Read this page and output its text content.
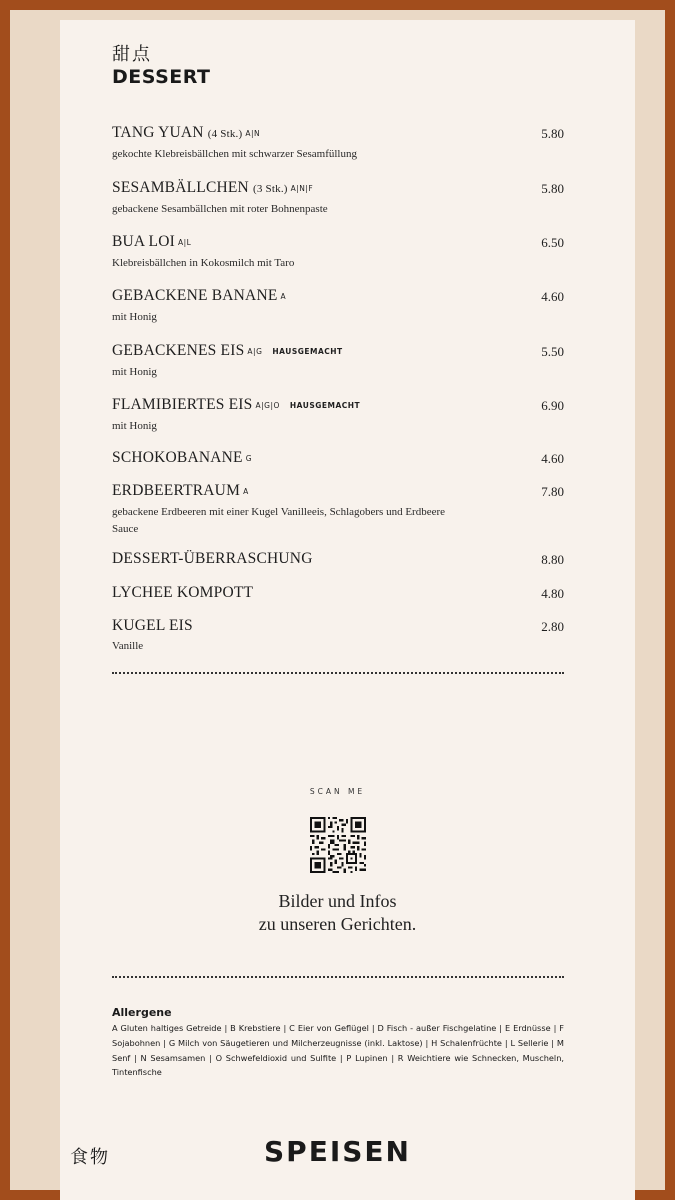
甜点
DESSERT
TANG YUAN (4 Stk.) A|N	5.80
gekochte Klebreisbällchen mit schwarzer Sesamfüllung
SESAMBÄLLCHEN (3 Stk.) A|N|F	5.80
gebackene Sesambällchen mit roter Bohnenpaste
BUA LOI A|L	6.50
Klebreisbällchen in Kokosmilch mit Taro
GEBACKENE BANANE A	4.60
mit Honig
GEBACKENES EIS A|G HAUSGEMACHT	5.50
mit Honig
FLAMIBIERTES EIS A|G|O HAUSGEMACHT	6.90
mit Honig
SCHOKOBANANE G	4.60
ERDBEERTRAUM A	7.80
gebackene Erdbeeren mit einer Kugel Vanilleeis, Schlagobers und Erdbeere Sauce
DESSERT-ÜBERRASCHUNG	8.80
LYCHEE KOMPOTT	4.80
KUGEL EIS	2.80
Vanille
SCAN ME
Bilder und Infos
zu unseren Gerichten.
Allergene
A Gluten haltiges Getreide | B Krebstiere | C Eier von Geflügel | D Fisch - außer Fischgelatine | E Erdnüsse | F Sojabohnen | G Milch von Säugetieren und Milcherzeugnisse (inkl. Laktose) | H Schalenfrüchte | L Sellerie | M Senf | N Sesamsamen | O Schwefeldioxid und Sulfite | P Lupinen | R Weichtiere wie Schnecken, Muscheln, Tintenfische
食物	SPEISEN
